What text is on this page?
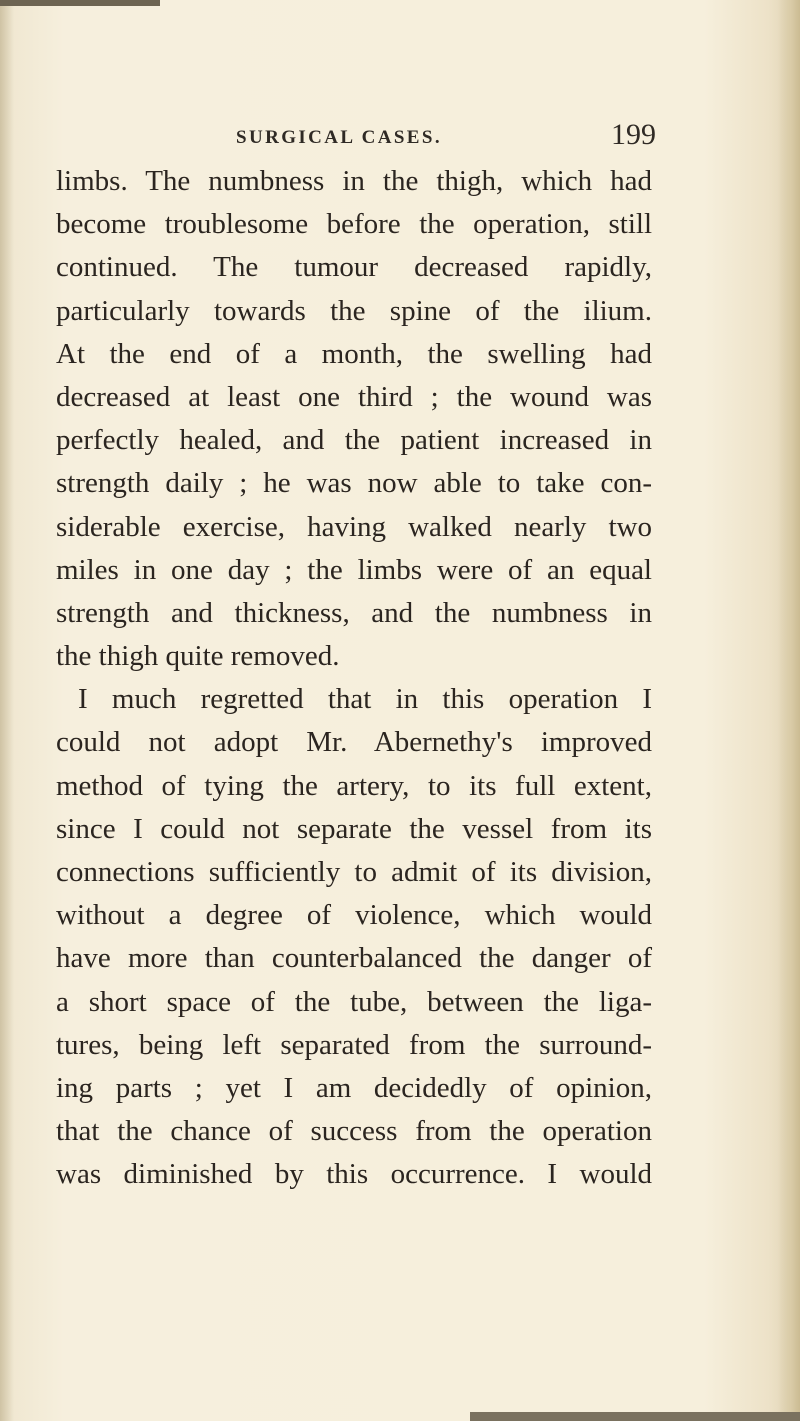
SURGICAL CASES.	199
limbs. The numbness in the thigh, which had
become troublesome before the operation, still
continued. The tumour decreased rapidly,
particularly towards the spine of the ilium.
At the end of a month, the swelling had
decreased at least one third ; the wound was
perfectly healed, and the patient increased in
strength daily ; he was now able to take con-
siderable exercise, having walked nearly two
miles in one day ; the limbs were of an equal
strength and thickness, and the numbness in
the thigh quite removed.
I much regretted that in this operation I
could not adopt Mr. Abernethy's improved
method of tying the artery, to its full extent,
since I could not separate the vessel from its
connections sufficiently to admit of its division,
without a degree of violence, which would
have more than counterbalanced the danger of
a short space of the tube, between the liga-
tures, being left separated from the surround-
ing parts ; yet I am decidedly of opinion,
that the chance of success from the operation
was diminished by this occurrence. I would
